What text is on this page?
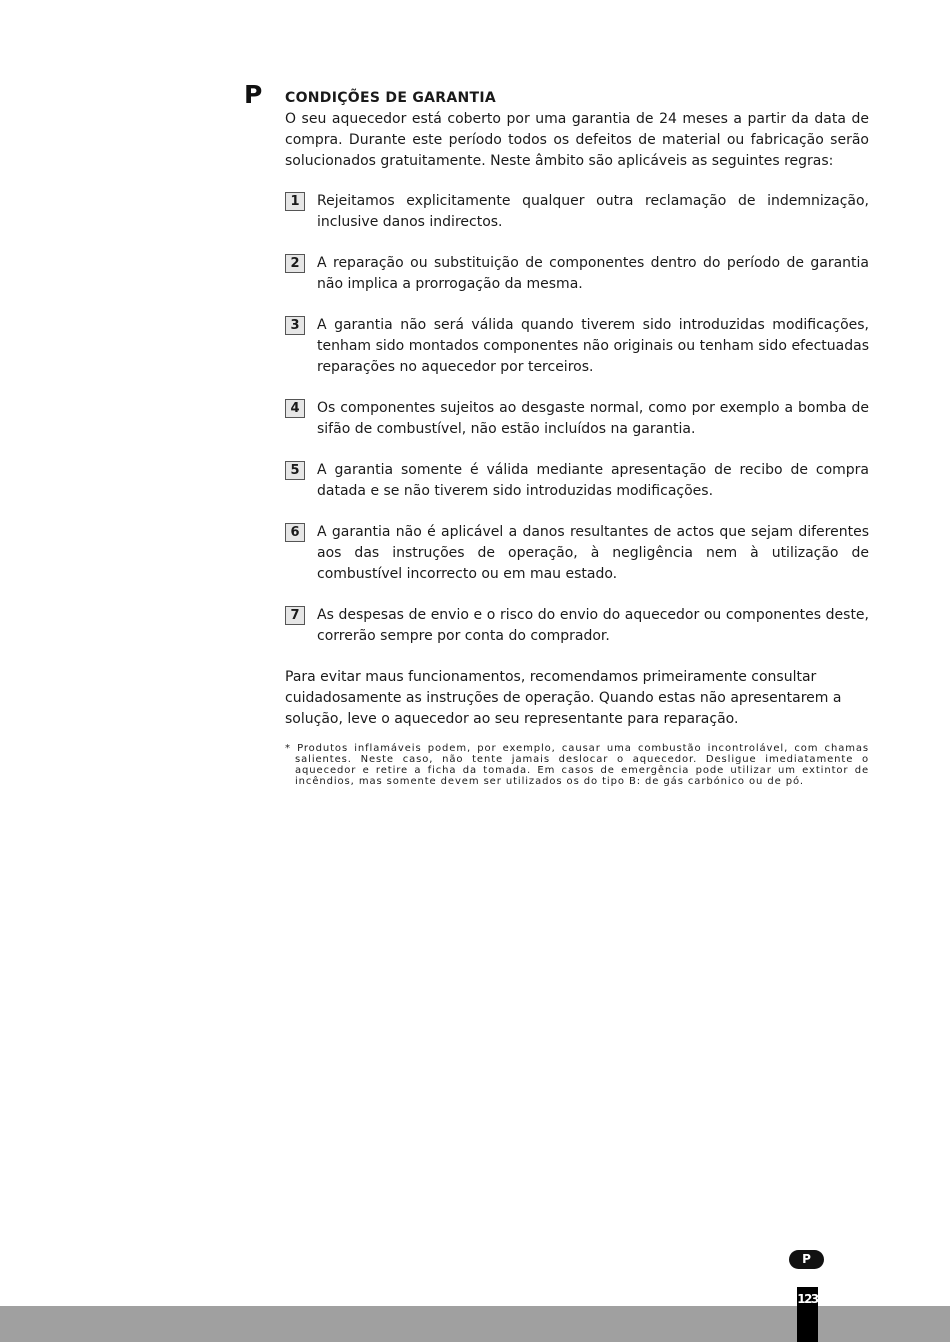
P CONDIÇÕES DE GARANTIA

O seu aquecedor está coberto por uma garantia de 24 meses a partir da data de compra. Durante este período todos os defeitos de material ou fabricação serão solucionados gratuitamente. Neste âmbito são aplicáveis as seguintes regras:

1	Rejeitamos explicitamente qualquer outra reclamação de indemnização, inclusive danos indirectos.
2	A reparação ou substituição de componentes dentro do período de garantia não implica a prorrogação da mesma.
3	A garantia não será válida quando tiverem sido introduzidas modificações, tenham sido montados componentes não originais ou tenham sido efectuadas reparações no aquecedor por terceiros.
4	Os componentes sujeitos ao desgaste normal, como por exemplo a bomba de sifão de combustível, não estão incluídos na garantia.
5	A garantia somente é válida mediante apresentação de recibo de compra datada e se não tiverem sido introduzidas modificações.
6	A garantia não é aplicável a danos resultantes de actos que sejam diferentes aos das instruções de operação, à negligência nem à utilização de combustível incorrecto ou em mau estado.
7	As despesas de envio e o risco do envio do aquecedor ou componentes deste, correrão sempre por conta do comprador.

Para evitar maus funcionamentos, recomendamos primeiramente consultar cuidadosamente as instruções de operação. Quando estas não apresentarem a solução, leve o aquecedor ao seu representante para reparação.

* Produtos inflamáveis podem, por exemplo, causar uma combustão incontrolável, com chamas salientes. Neste caso, não tente jamais deslocar o aquecedor. Desligue imediatamente o aquecedor e retire a ficha da tomada. Em casos de emergência pode utilizar um extintor de incêndios, mas somente devem ser utilizados os do tipo B: de gás carbónico ou de pó.

P
123
